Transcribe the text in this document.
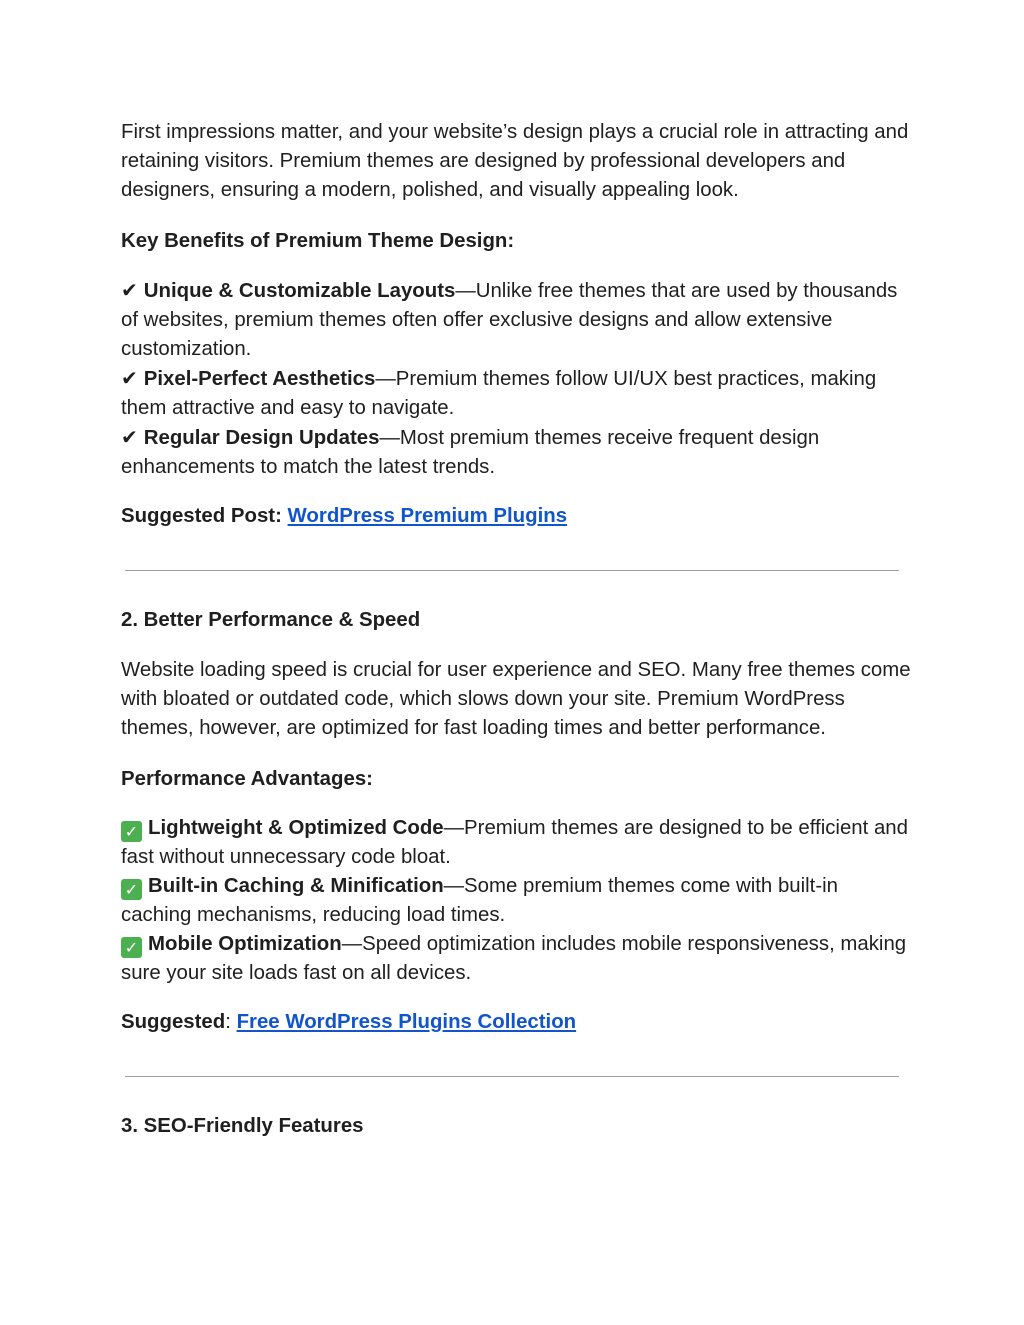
First impressions matter, and your website’s design plays a crucial role in attracting and retaining visitors. Premium themes are designed by professional developers and designers, ensuring a modern, polished, and visually appealing look.

Key Benefits of Premium Theme Design:

✔ Unique & Customizable Layouts—Unlike free themes that are used by thousands of websites, premium themes often offer exclusive designs and allow extensive customization.
✔ Pixel-Perfect Aesthetics—Premium themes follow UI/UX best practices, making them attractive and easy to navigate.
✔ Regular Design Updates—Most premium themes receive frequent design enhancements to match the latest trends.

Suggested Post: WordPress Premium Plugins

2. Better Performance & Speed

Website loading speed is crucial for user experience and SEO. Many free themes come with bloated or outdated code, which slows down your site. Premium WordPress themes, however, are optimized for fast loading times and better performance.

Performance Advantages:

✓ Lightweight & Optimized Code—Premium themes are designed to be efficient and fast without unnecessary code bloat.
✓ Built-in Caching & Minification—Some premium themes come with built-in caching mechanisms, reducing load times.
✓ Mobile Optimization—Speed optimization includes mobile responsiveness, making sure your site loads fast on all devices.

Suggested: Free WordPress Plugins Collection

3. SEO-Friendly Features
